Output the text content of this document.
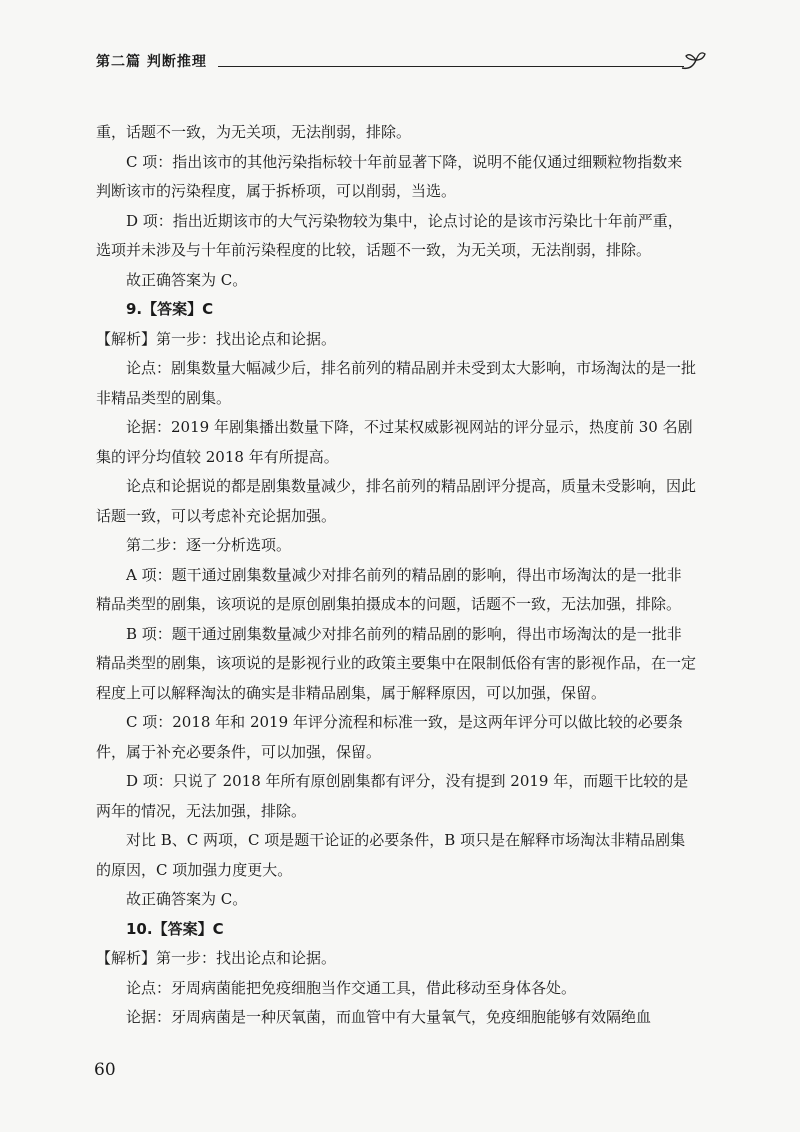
第二篇 判断推理

重，话题不一致，为无关项，无法削弱，排除。

C 项：指出该市的其他污染指标较十年前显著下降，说明不能仅通过细颗粒物指数来判断该市的污染程度，属于拆桥项，可以削弱，当选。

D 项：指出近期该市的大气污染物较为集中，论点讨论的是该市污染比十年前严重，选项并未涉及与十年前污染程度的比较，话题不一致，为无关项，无法削弱，排除。

故正确答案为 C。

9.【答案】C

【解析】第一步：找出论点和论据。

论点：剧集数量大幅减少后，排名前列的精品剧并未受到太大影响，市场淘汰的是一批非精品类型的剧集。

论据：2019 年剧集播出数量下降，不过某权威影视网站的评分显示，热度前 30 名剧集的评分均值较 2018 年有所提高。

论点和论据说的都是剧集数量减少，排名前列的精品剧评分提高，质量未受影响，因此话题一致，可以考虑补充论据加强。

第二步：逐一分析选项。

A 项：题干通过剧集数量减少对排名前列的精品剧的影响，得出市场淘汰的是一批非精品类型的剧集，该项说的是原创剧集拍摄成本的问题，话题不一致，无法加强，排除。

B 项：题干通过剧集数量减少对排名前列的精品剧的影响，得出市场淘汰的是一批非精品类型的剧集，该项说的是影视行业的政策主要集中在限制低俗有害的影视作品，在一定程度上可以解释淘汰的确实是非精品剧集，属于解释原因，可以加强，保留。

C 项：2018 年和 2019 年评分流程和标准一致，是这两年评分可以做比较的必要条件，属于补充必要条件，可以加强，保留。

D 项：只说了 2018 年所有原创剧集都有评分，没有提到 2019 年，而题干比较的是两年的情况，无法加强，排除。

对比 B、C 两项，C 项是题干论证的必要条件，B 项只是在解释市场淘汰非精品剧集的原因，C 项加强力度更大。

故正确答案为 C。

10.【答案】C

【解析】第一步：找出论点和论据。

论点：牙周病菌能把免疫细胞当作交通工具，借此移动至身体各处。

论据：牙周病菌是一种厌氧菌，而血管中有大量氧气，免疫细胞能够有效隔绝血

60
